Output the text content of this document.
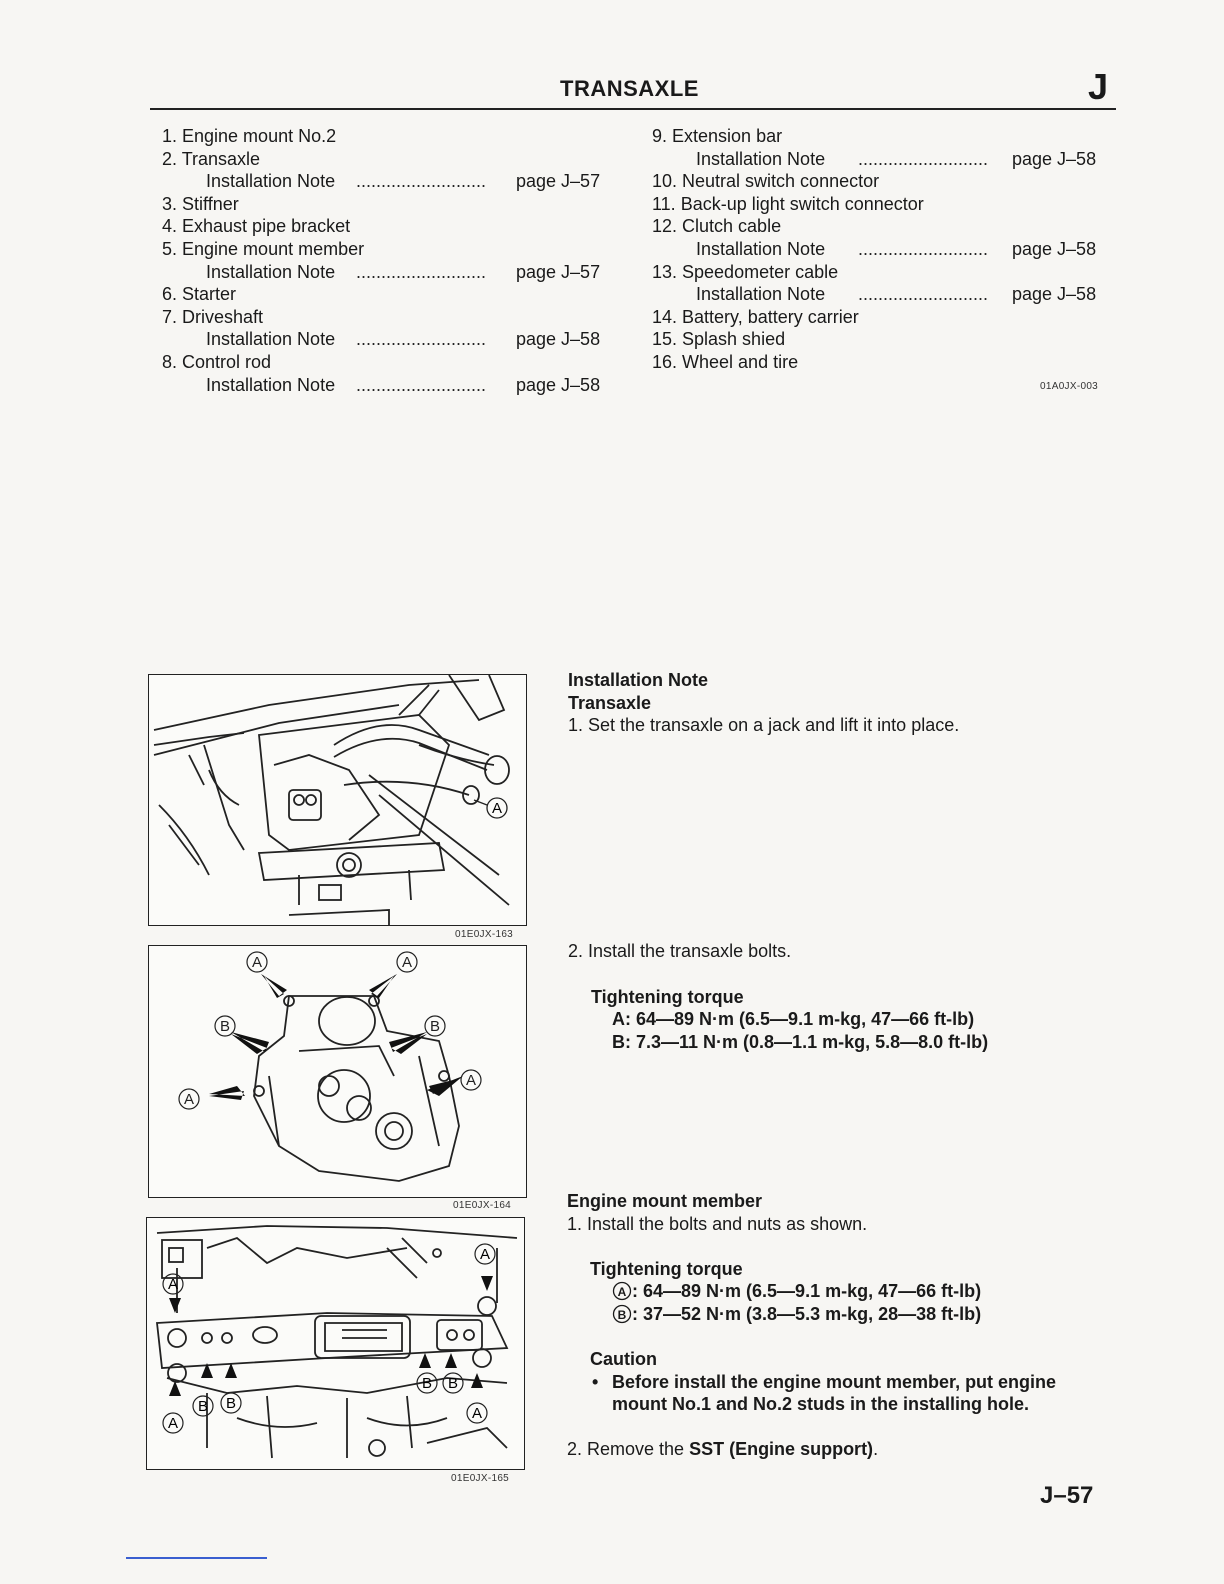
TRANSAXLE	J
1. Engine mount No.2
2. Transaxle
Installation Note .......................... page J–57
3. Stiffner
4. Exhaust pipe bracket
5. Engine mount member
Installation Note .......................... page J–57
6. Starter
7. Driveshaft
Installation Note .......................... page J–58
8. Control rod
Installation Note .......................... page J–58
9. Extension bar
Installation Note .......................... page J–58
10. Neutral switch connector
11. Back-up light switch connector
12. Clutch cable
Installation Note .......................... page J–58
13. Speedometer cable
Installation Note .......................... page J–58
14. Battery, battery carrier
15. Splash shied
16. Wheel and tire
01A0JX-003
A
01E0JX-163
A	A
B	B
A
A
01E0JX-164
A
A
B B
B B
A
A
01E0JX-165
Installation Note
Transaxle
1. Set the transaxle on a jack and lift it into place.
2. Install the transaxle bolts.
Tightening torque
A: 64—89 N·m (6.5—9.1 m-kg, 47—66 ft-lb)
B: 7.3—11 N·m (0.8—1.1 m-kg, 5.8—8.0 ft-lb)
Engine mount member
1. Install the bolts and nuts as shown.
Tightening torque
A : 64—89 N·m (6.5—9.1 m-kg, 47—66 ft-lb)
B : 37—52 N·m (3.8—5.3 m-kg, 28—38 ft-lb)
Caution
• Before install the engine mount member, put engine
mount No.1 and No.2 studs in the installing hole.
2. Remove the SST (Engine support).
J–57
